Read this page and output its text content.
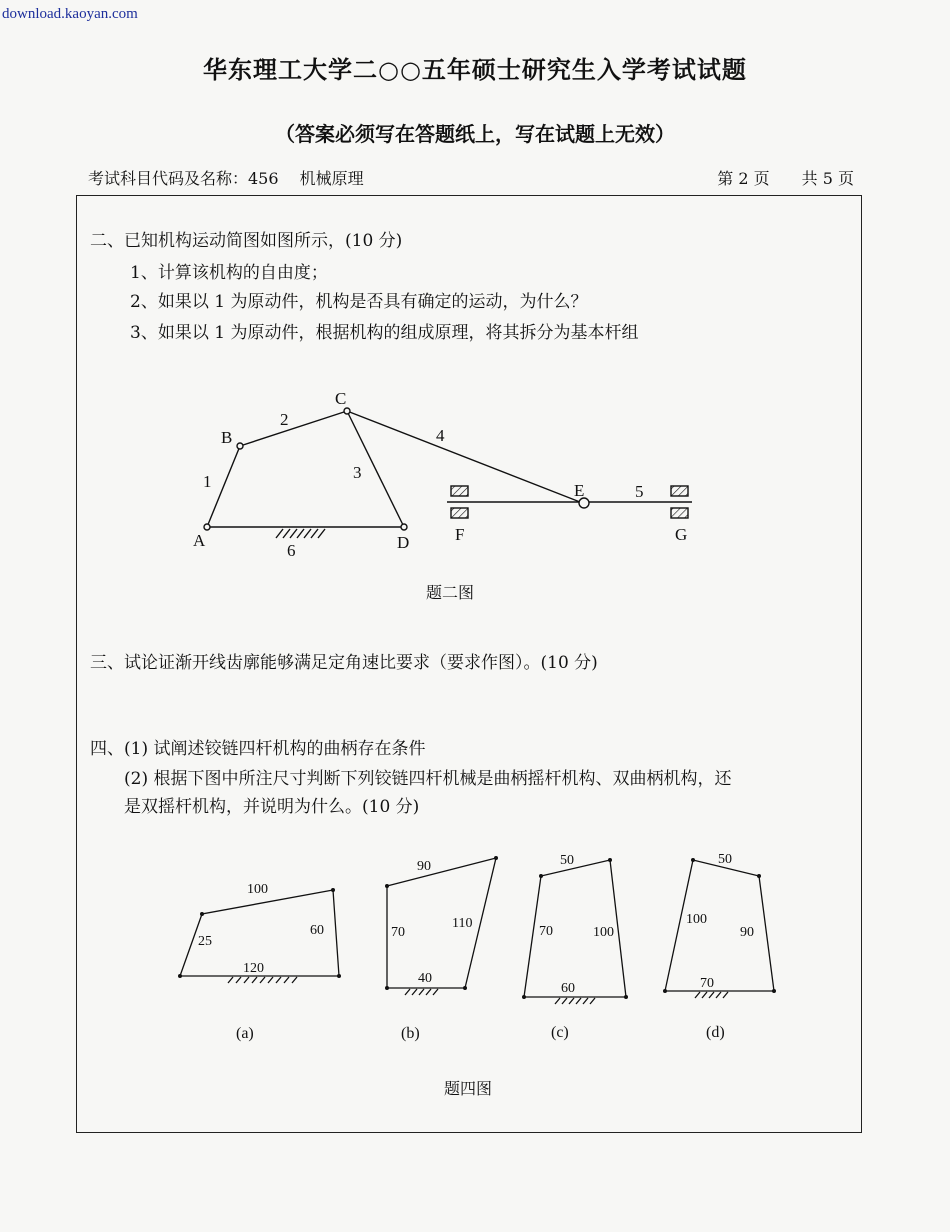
download.kaoyan.com
华东理工大学二○○五年硕士研究生入学考试试题
（答案必须写在答题纸上，写在试题上无效）
考试科目代码及名称：456　 机械原理	第 2 页　　共 5 页
二、已知机构运动简图如图所示，(10 分)
1、计算该机构的自由度；
2、如果以 1 为原动件，机构是否具有确定的运动，为什么？
3、如果以 1 为原动件，根据机构的组成原理，将其拆分为基本杆组
三、试论证渐开线齿廓能够满足定角速比要求（要求作图）。(10 分)
四、(1) 试阐述铰链四杆机构的曲柄存在条件
(2) 根据下图中所注尺寸判断下列铰链四杆机械是曲柄摇杆机构、双曲柄机构，还
是双摇杆机构，并说明为什么。(10 分)
A
B
C
D
E
F	G
1
2
3
4
5
6
题二图
100
25
60
120
90
70
110
40
50
70	100
60
50
100
90
70
(a)	(b)	(c)	(d)
题四图
